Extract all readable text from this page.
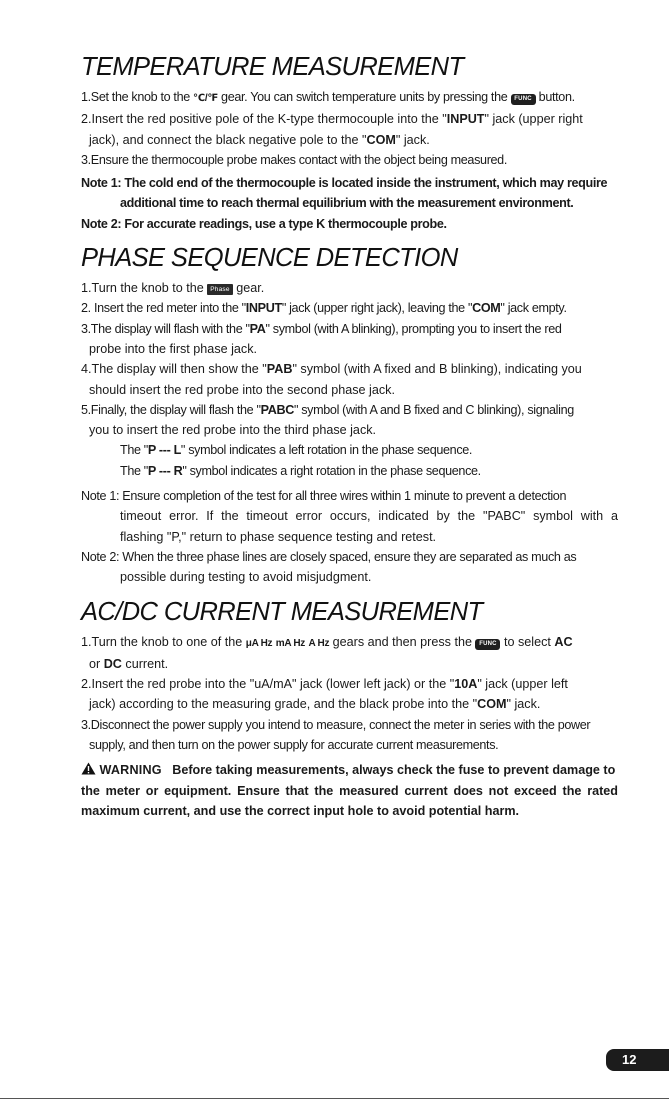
TEMPERATURE MEASUREMENT
1.Set the knob to the ℃/℉ gear. You can switch temperature units by pressing the FUNC button.
2.Insert the red positive pole of the K-type thermocouple into the "INPUT" jack (upper right
jack), and connect the black negative pole to the "COM" jack.
3.Ensure the thermocouple probe makes contact with the object being measured.
Note 1: The cold end of the thermocouple is located inside the instrument, which may require
additional time to reach thermal equilibrium with the measurement environment.
Note 2: For accurate readings, use a type K thermocouple probe.
PHASE SEQUENCE DETECTION
1.Turn the knob to the Phase gear.
2. Insert the red meter into the "INPUT" jack (upper right jack), leaving the "COM" jack empty.
3.The display will flash with the "PA" symbol (with A blinking), prompting you to insert the red
probe into the first phase jack.
4.The display will then show the "PAB" symbol (with A fixed and B blinking), indicating you
should insert the red probe into the second phase jack.
5.Finally, the display will flash the "PABC" symbol (with A and B fixed and C blinking), signaling
you to insert the red probe into the third phase jack.
The "P --- L" symbol indicates a left rotation in the phase sequence.
The "P --- R" symbol indicates a right rotation in the phase sequence.
Note 1: Ensure completion of the test for all three wires within 1 minute to prevent a detection
timeout error. If the timeout error occurs, indicated by the "PABC" symbol with a
flashing "P," return to phase sequence testing and retest.
Note 2: When the three phase lines are closely spaced, ensure they are separated as much as
possible during testing to avoid misjudgment.
AC/DC CURRENT MEASUREMENT
1.Turn the knob to one of the μA Hz mA Hz A Hz gears and then press the FUNC to select AC
or DC current.
2.Insert the red probe into the "uA/mA" jack (lower left jack) or the "10A" jack (upper left
jack) according to the measuring grade, and the black probe into the "COM" jack.
3.Disconnect the power supply you intend to measure, connect the meter in series with the power
supply, and then turn on the power supply for accurate current measurements.
WARNING Before taking measurements, always check the fuse to prevent damage to
the meter or equipment. Ensure that the measured current does not exceed the rated
maximum current, and use the correct input hole to avoid potential harm.
12
